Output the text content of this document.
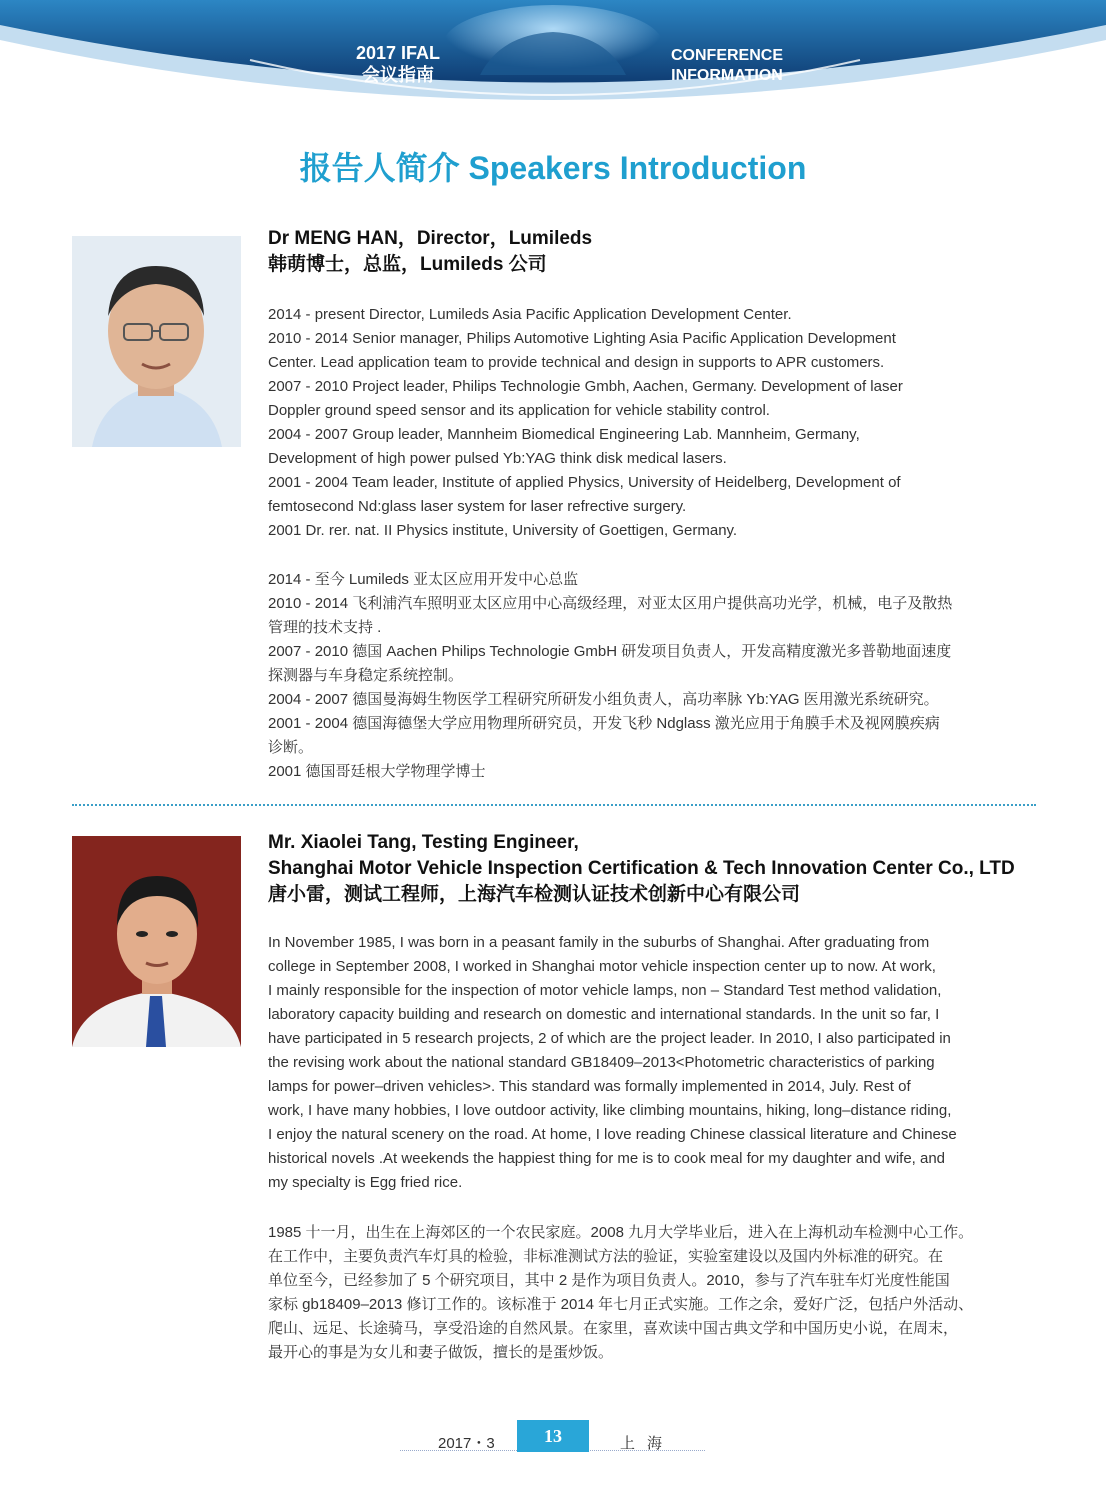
2017 IFAL
会议指南
CONFERENCE
INFORMATION
报告人简介 Speakers Introduction
Dr MENG HAN，Director，Lumileds
韩萌博士，总监，Lumileds 公司
2014 - present Director, Lumileds Asia Pacific Application Development Center.
2010 - 2014 Senior manager, Philips Automotive Lighting Asia Pacific Application Development
Center. Lead application team to provide technical and design in supports to APR customers.
2007 - 2010 Project leader, Philips Technologie Gmbh, Aachen, Germany. Development of laser
Doppler ground speed sensor and its application for vehicle stability control.
2004 - 2007 Group leader, Mannheim Biomedical Engineering Lab. Mannheim, Germany,
Development of high power pulsed Yb:YAG think disk medical lasers.
2001 - 2004 Team leader, Institute of applied Physics, University of Heidelberg, Development of
femtosecond Nd:glass laser system for laser refrective surgery.
2001 Dr. rer. nat. II Physics institute, University of Goettigen, Germany.
2014 - 至今 Lumileds 亚太区应用开发中心总监
2010 - 2014 飞利浦汽车照明亚太区应用中心高级经理，对亚太区用户提供高功光学，机械，电子及散热
管理的技术支持 .
2007 - 2010 德国 Aachen Philips Technologie GmbH 研发项目负责人，开发高精度激光多普勒地面速度
探测器与车身稳定系统控制。
2004 - 2007 德国曼海姆生物医学工程研究所研发小组负责人，高功率脉 Yb:YAG 医用激光系统研究。
2001 - 2004 德国海德堡大学应用物理所研究员，开发飞秒 Ndglass 激光应用于角膜手术及视网膜疾病
诊断。
2001 德国哥廷根大学物理学博士
Mr. Xiaolei Tang, Testing Engineer,
Shanghai Motor Vehicle Inspection Certification & Tech Innovation Center Co., LTD
唐小雷，测试工程师，上海汽车检测认证技术创新中心有限公司
In November 1985, I was born in a peasant family in the suburbs of Shanghai. After graduating from
college in September 2008, I worked in Shanghai motor vehicle inspection center up to now. At work,
I mainly responsible for the inspection of motor vehicle lamps, non – Standard Test method validation,
laboratory capacity building and research on domestic and international standards. In the unit so far, I
have participated in 5 research projects, 2 of which are the project leader. In 2010, I also participated in
the revising work about the national standard GB18409–2013<Photometric characteristics of parking
lamps for power–driven vehicles>. This standard was formally implemented in 2014, July. Rest of
work, I have many hobbies, I love outdoor activity, like climbing mountains, hiking, long–distance riding,
I enjoy the natural scenery on the road. At home, I love reading Chinese classical literature and Chinese
historical novels .At weekends the happiest thing for me is to cook meal for my daughter and wife, and
my specialty is Egg fried rice.
1985 十一月，出生在上海郊区的一个农民家庭。2008 九月大学毕业后，进入在上海机动车检测中心工作。
在工作中，主要负责汽车灯具的检验，非标准测试方法的验证，实验室建设以及国内外标准的研究。在
单位至今，已经参加了 5 个研究项目，其中 2 是作为项目负责人。2010，参与了汽车驻车灯光度性能国
家标 gb18409–2013 修订工作的。该标准于 2014 年七月正式实施。工作之余，爱好广泛，包括户外活动、
爬山、远足、长途骑马，享受沿途的自然风景。在家里，喜欢读中国古典文学和中国历史小说，在周末，
最开心的事是为女儿和妻子做饭，擅长的是蛋炒饭。
2017・3	13	上海
